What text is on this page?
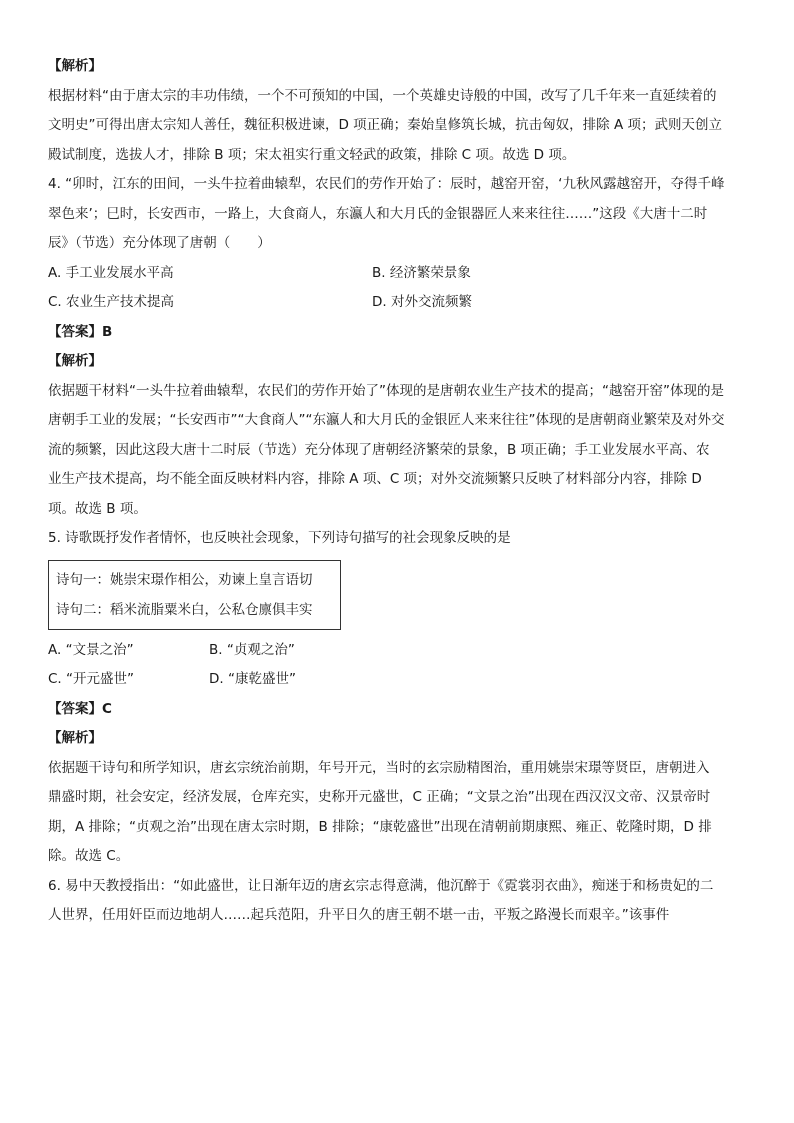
【解析】

根据材料“由于唐太宗的丰功伟绩，一个不可预知的中国，一个英雄史诗般的中国，改写了几千年来一直延续着的

文明史”可得出唐太宗知人善任，魏征积极进谏，D 项正确；秦始皇修筑长城，抗击匈奴，排除 A 项；武则天创立

殿试制度，选拔人才，排除 B 项；宋太祖实行重文轻武的政策，排除 C 项。故选 D 项。

4. “卯时，江东的田间，一头牛拉着曲辕犁，农民们的劳作开始了：辰时，越窑开窑，‘九秋风露越窑开，夺得千峰

翠色来’；巳时，长安西市，一路上，大食商人，东瀛人和大月氏的金银器匠人来来往往……”这段《大唐十二时

辰》（节选）充分体现了唐朝（　　）

A. 手工业发展水平高	B. 经济繁荣景象
C. 农业生产技术提高	D. 对外交流频繁

【答案】B

【解析】

依据题干材料“一头牛拉着曲辕犁，农民们的劳作开始了”体现的是唐朝农业生产技术的提高；“越窑开窑”体现的是

唐朝手工业的发展；“长安西市”“大食商人”“东瀛人和大月氏的金银匠人来来往往”体现的是唐朝商业繁荣及对外交

流的频繁，因此这段大唐十二时辰（节选）充分体现了唐朝经济繁荣的景象，B 项正确；手工业发展水平高、农

业生产技术提高，均不能全面反映材料内容，排除 A 项、C 项；对外交流频繁只反映了材料部分内容，排除 D

项。故选 B 项。

5. 诗歌既抒发作者情怀，也反映社会现象，下列诗句描写的社会现象反映的是

诗句一：姚崇宋璟作相公，劝谏上皇言语切
诗句二：稻米流脂粟米白，公私仓廪俱丰实
A. “文景之治”	B. “贞观之治”
C. “开元盛世”	D. “康乾盛世”

【答案】C

【解析】

依据题干诗句和所学知识，唐玄宗统治前期，年号开元，当时的玄宗励精图治，重用姚崇宋璟等贤臣，唐朝进入

鼎盛时期，社会安定，经济发展，仓库充实，史称开元盛世，C 正确；“文景之治”出现在西汉汉文帝、汉景帝时

期，A 排除；“贞观之治”出现在唐太宗时期，B 排除；“康乾盛世”出现在清朝前期康熙、雍正、乾隆时期，D 排

除。故选 C。

6. 易中天教授指出：“如此盛世，让日渐年迈的唐玄宗志得意满，他沉醉于《霓裳羽衣曲》，痴迷于和杨贵妃的二

人世界，任用奸臣而边地胡人……起兵范阳，升平日久的唐王朝不堪一击，平叛之路漫长而艰辛。”该事件
